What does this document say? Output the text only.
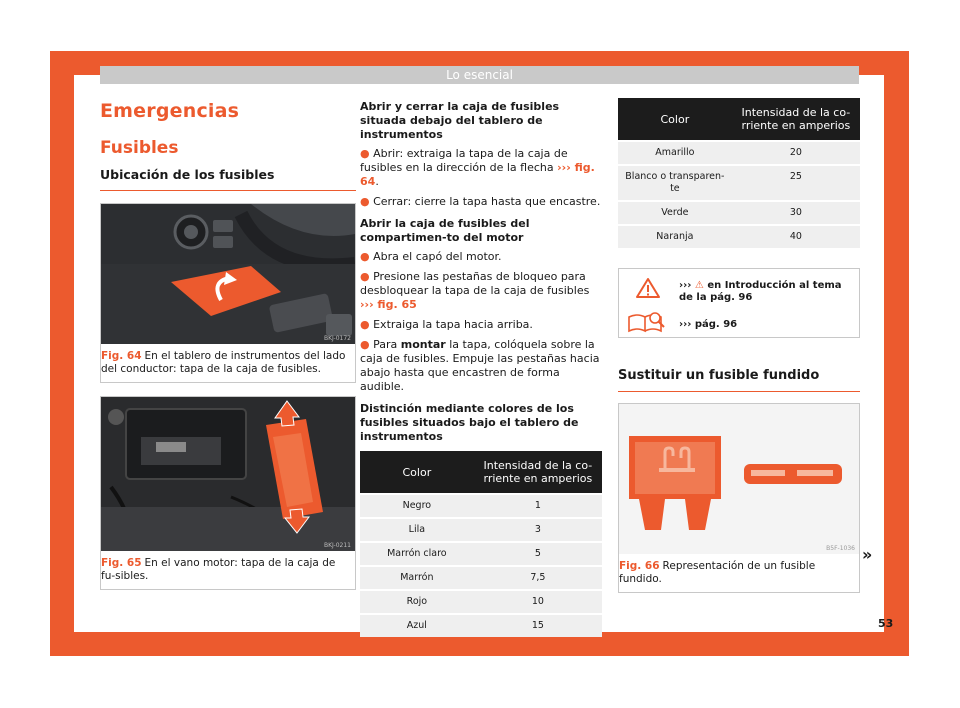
Lo esencial
Emergencias
Fusibles
Ubicación de los fusibles
BKJ-0172
Fig. 64 En el tablero de instrumentos del lado del conductor: tapa de la caja de fusibles.
BKJ-0211
Fig. 65 En el vano motor: tapa de la caja de fu-sibles.
Abrir y cerrar la caja de fusibles situada debajo del tablero de instrumentos
● Abrir: extraiga la tapa de la caja de fusibles en la dirección de la flecha ››› fig. 64.
● Cerrar: cierre la tapa hasta que encastre.
Abrir la caja de fusibles del compartimen-to del motor
● Abra el capó del motor.
● Presione las pestañas de bloqueo para desbloquear la tapa de la caja de fusibles ››› fig. 65
● Extraiga la tapa hacia arriba.
● Para montar la tapa, colóquela sobre la caja de fusibles. Empuje las pestañas hacia abajo hasta que encastren de forma audible.
Distinción mediante colores de los fusibles situados bajo el tablero de instrumentos
Color	Intensidad de la co-rriente en amperios
Negro	1
Lila	3
Marrón claro	5
Marrón	7,5
Rojo	10
Azul	15
Color	Intensidad de la co-rriente en amperios
Amarillo	20
Blanco o transparen-te	25
Verde	30
Naranja	40
››› ⚠ en Introducción al tema de la pág. 96
››› pág. 96
Sustituir un fusible fundido
B5F-1036
Fig. 66 Representación de un fusible fundido.
»
53
